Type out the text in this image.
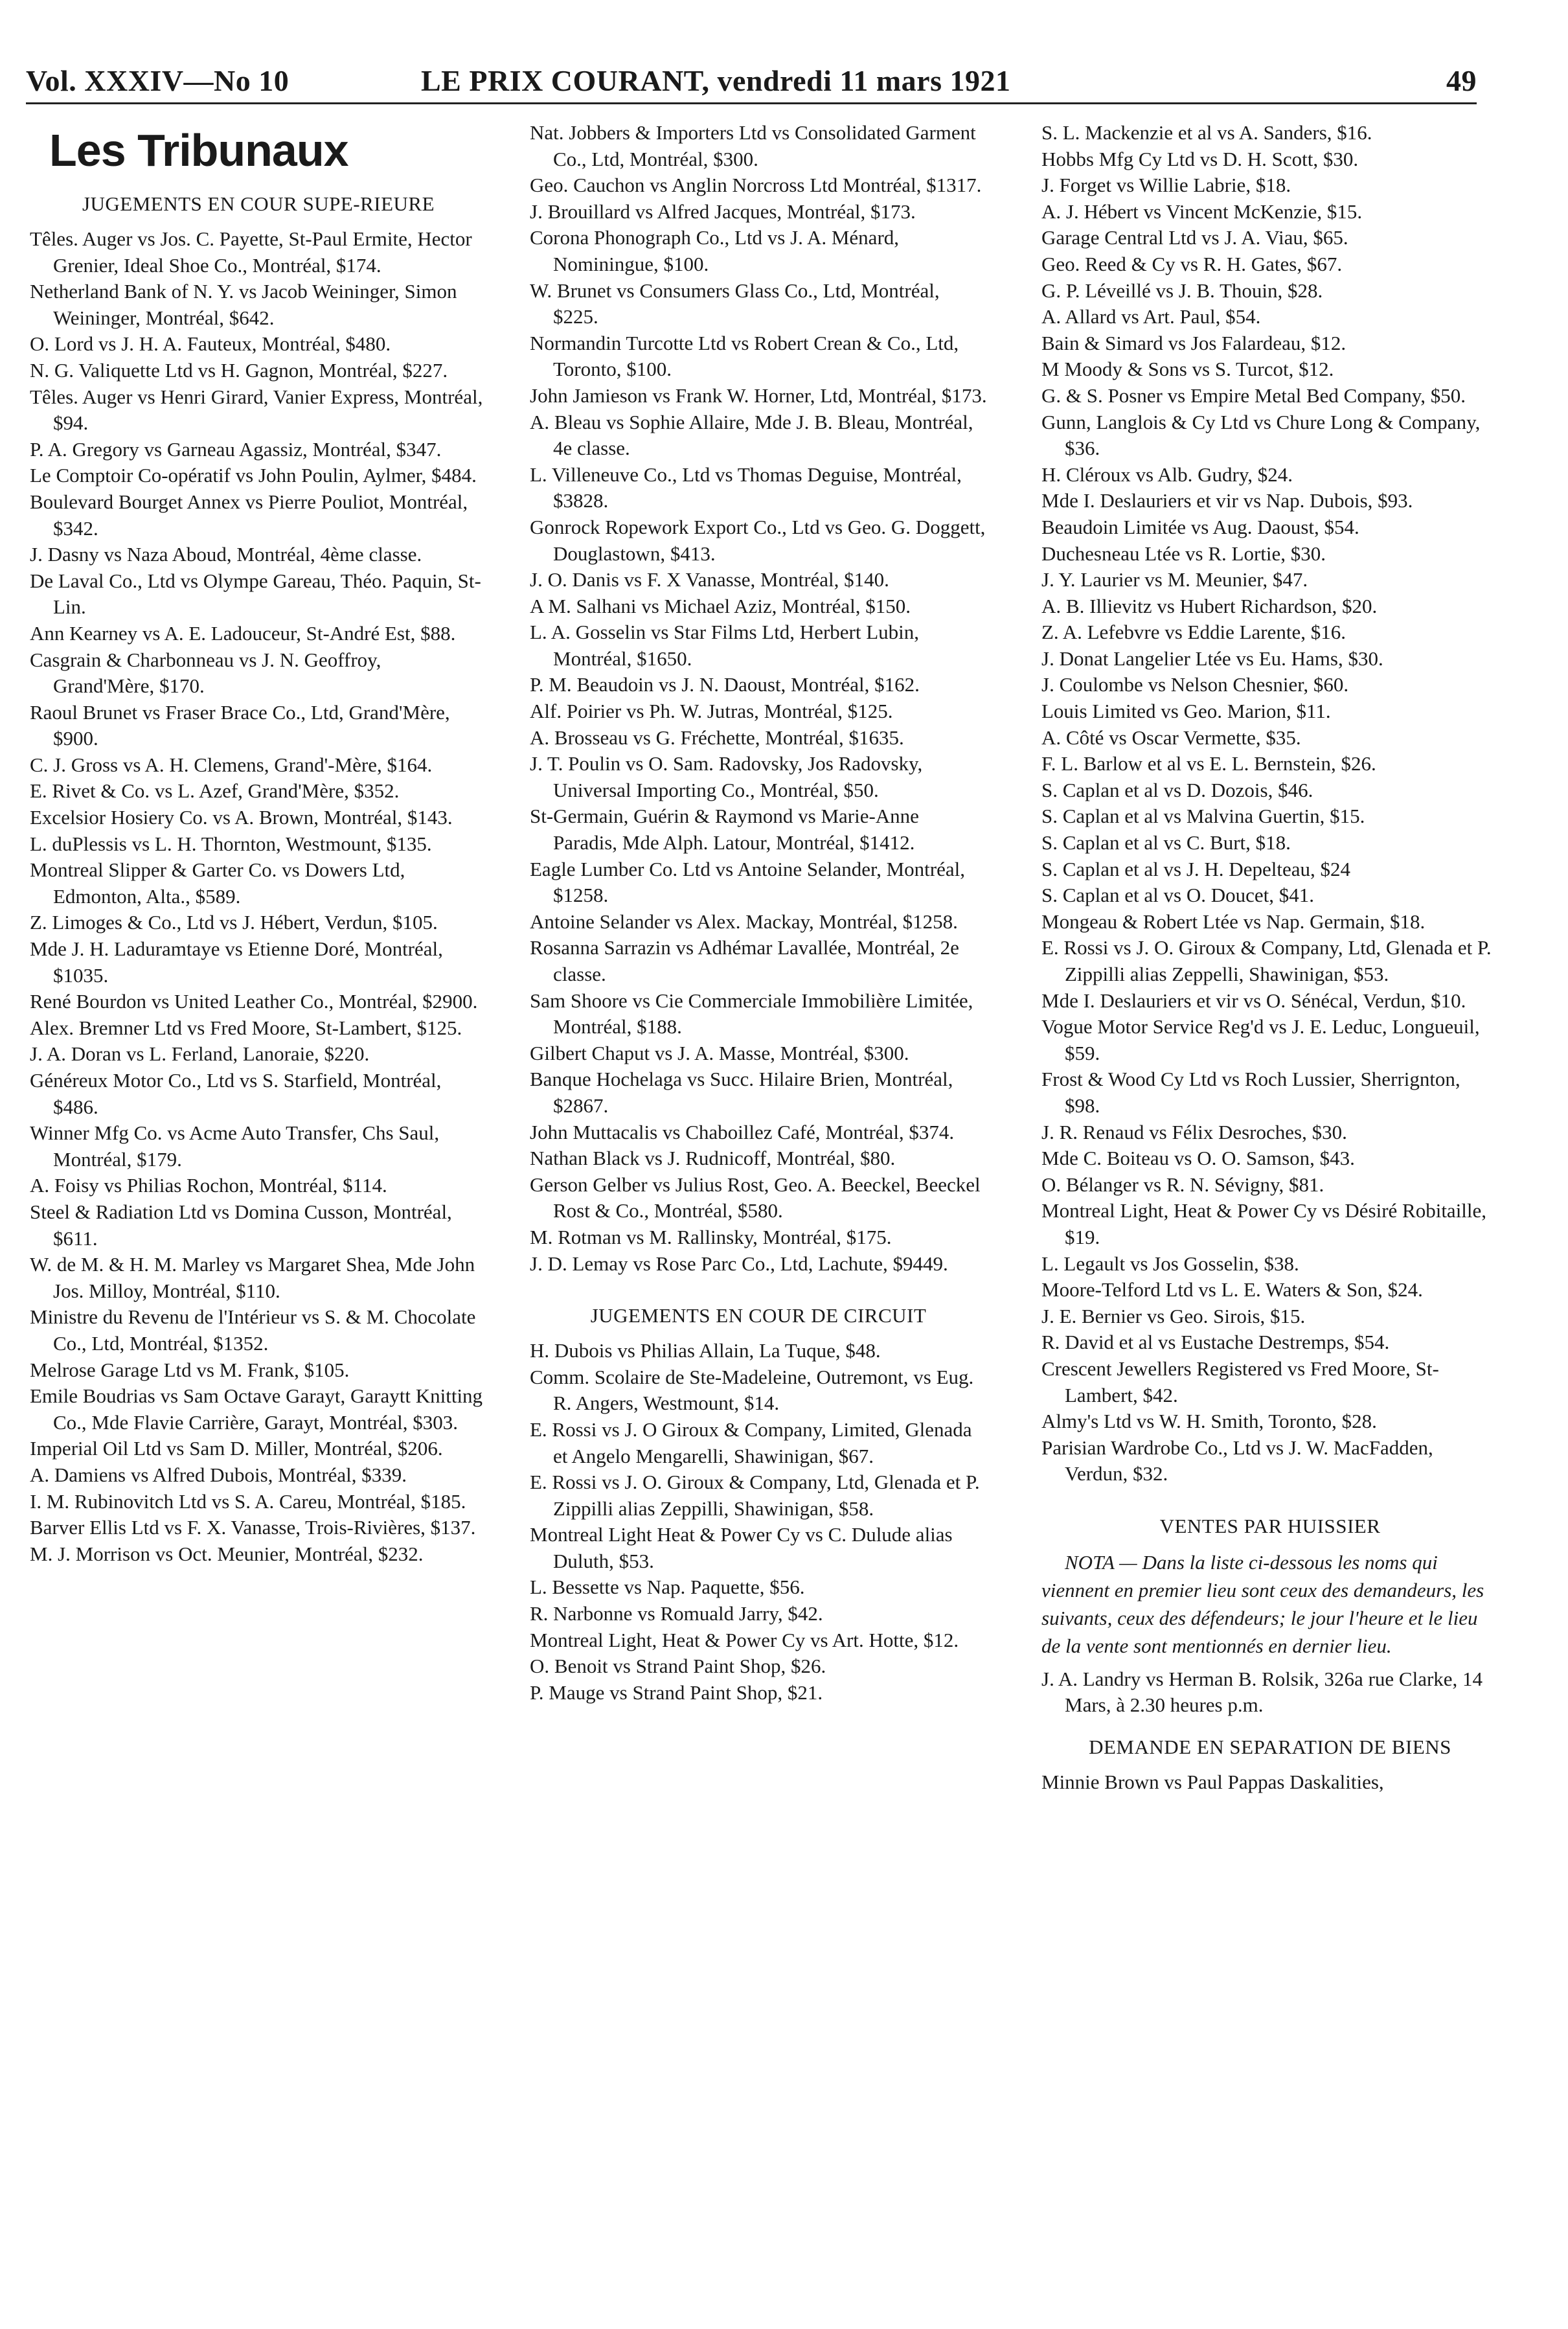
Vol. XXXIV—No 10	LE PRIX COURANT, vendredi 11 mars 1921	49
Les Tribunaux
JUGEMENTS EN COUR SUPE-RIEURE

Têles. Auger vs Jos. C. Payette, St-Paul Ermite, Hector Grenier, Ideal Shoe Co., Montréal, $174.

Netherland Bank of N. Y. vs Jacob Weininger, Simon Weininger, Montréal, $642.

O. Lord vs J. H. A. Fauteux, Montréal, $480.

N. G. Valiquette Ltd vs H. Gagnon, Montréal, $227.

Têles. Auger vs Henri Girard, Vanier Express, Montréal, $94.

P. A. Gregory vs Garneau Agassiz, Montréal, $347.

Le Comptoir Co-opératif vs John Poulin, Aylmer, $484.

Boulevard Bourget Annex vs Pierre Pouliot, Montréal, $342.

J. Dasny vs Naza Aboud, Montréal, 4ème classe.

De Laval Co., Ltd vs Olympe Gareau, Théo. Paquin, St-Lin.

Ann Kearney vs A. E. Ladouceur, St-André Est, $88.

Casgrain & Charbonneau vs J. N. Geoffroy, Grand'Mère, $170.

Raoul Brunet vs Fraser Brace Co., Ltd, Grand'Mère, $900.

C. J. Gross vs A. H. Clemens, Grand'-Mère, $164.

E. Rivet & Co. vs L. Azef, Grand'Mère, $352.

Excelsior Hosiery Co. vs A. Brown, Montréal, $143.

L. duPlessis vs L. H. Thornton, Westmount, $135.

Montreal Slipper & Garter Co. vs Dowers Ltd, Edmonton, Alta., $589.

Z. Limoges & Co., Ltd vs J. Hébert, Verdun, $105.

Mde J. H. Laduramtaye vs Etienne Doré, Montréal, $1035.

René Bourdon vs United Leather Co., Montréal, $2900.

Alex. Bremner Ltd vs Fred Moore, St-Lambert, $125.

J. A. Doran vs L. Ferland, Lanoraie, $220.

Généreux Motor Co., Ltd vs S. Starfield, Montréal, $486.

Winner Mfg Co. vs Acme Auto Transfer, Chs Saul, Montréal, $179.

A. Foisy vs Philias Rochon, Montréal, $114.

Steel & Radiation Ltd vs Domina Cusson, Montréal, $611.

W. de M. & H. M. Marley vs Margaret Shea, Mde John Jos. Milloy, Montréal, $110.

Ministre du Revenu de l'Intérieur vs S. & M. Chocolate Co., Ltd, Montréal, $1352.

Melrose Garage Ltd vs M. Frank, $105.

Emile Boudrias vs Sam Octave Garayt, Garaytt Knitting Co., Mde Flavie Carrière, Garayt, Montréal, $303.

Imperial Oil Ltd vs Sam D. Miller, Montréal, $206.

A. Damiens vs Alfred Dubois, Montréal, $339.

I. M. Rubinovitch Ltd vs S. A. Careu, Montréal, $185.

Barver Ellis Ltd vs F. X. Vanasse, Trois-Rivières, $137.

M. J. Morrison vs Oct. Meunier, Montréal, $232.

Nat. Jobbers & Importers Ltd vs Consolidated Garment Co., Ltd, Montréal, $300.

Geo. Cauchon vs Anglin Norcross Ltd Montréal, $1317.

J. Brouillard vs Alfred Jacques, Montréal, $173.

Corona Phonograph Co., Ltd vs J. A. Ménard, Nominingue, $100.

W. Brunet vs Consumers Glass Co., Ltd, Montréal, $225.

Normandin Turcotte Ltd vs Robert Crean & Co., Ltd, Toronto, $100.

John Jamieson vs Frank W. Horner, Ltd, Montréal, $173.

A. Bleau vs Sophie Allaire, Mde J. B. Bleau, Montréal, 4e classe.

L. Villeneuve Co., Ltd vs Thomas Deguise, Montréal, $3828.

Gonrock Ropework Export Co., Ltd vs Geo. G. Doggett, Douglastown, $413.

J. O. Danis vs F. X Vanasse, Montréal, $140.

A M. Salhani vs Michael Aziz, Montréal, $150.

L. A. Gosselin vs Star Films Ltd, Herbert Lubin, Montréal, $1650.

P. M. Beaudoin vs J. N. Daoust, Montréal, $162.

Alf. Poirier vs Ph. W. Jutras, Montréal, $125.

A. Brosseau vs G. Fréchette, Montréal, $1635.

J. T. Poulin vs O. Sam. Radovsky, Jos Radovsky, Universal Importing Co., Montréal, $50.

St-Germain, Guérin & Raymond vs Marie-Anne Paradis, Mde Alph. Latour, Montréal, $1412.

Eagle Lumber Co. Ltd vs Antoine Selander, Montréal, $1258.

Antoine Selander vs Alex. Mackay, Montréal, $1258.

Rosanna Sarrazin vs Adhémar Lavallée, Montréal, 2e classe.

Sam Shoore vs Cie Commerciale Immobilière Limitée, Montréal, $188.

Gilbert Chaput vs J. A. Masse, Montréal, $300.

Banque Hochelaga vs Succ. Hilaire Brien, Montréal, $2867.

John Muttacalis vs Chaboillez Café, Montréal, $374.

Nathan Black vs J. Rudnicoff, Montréal, $80.

Gerson Gelber vs Julius Rost, Geo. A. Beeckel, Beeckel Rost & Co., Montréal, $580.

M. Rotman vs M. Rallinsky, Montréal, $175.

J. D. Lemay vs Rose Parc Co., Ltd, Lachute, $9449.

JUGEMENTS EN COUR DE CIRCUIT

H. Dubois vs Philias Allain, La Tuque, $48.

Comm. Scolaire de Ste-Madeleine, Outremont, vs Eug. R. Angers, Westmount, $14.

E. Rossi vs J. O Giroux & Company, Limited, Glenada et Angelo Mengarelli, Shawinigan, $67.

E. Rossi vs J. O. Giroux & Company, Ltd, Glenada et P. Zippilli alias Zeppilli, Shawinigan, $58.

Montreal Light Heat & Power Cy vs C. Dulude alias Duluth, $53.

L. Bessette vs Nap. Paquette, $56.

R. Narbonne vs Romuald Jarry, $42.

Montreal Light, Heat & Power Cy vs Art. Hotte, $12.

O. Benoit vs Strand Paint Shop, $26.

P. Mauge vs Strand Paint Shop, $21.

S. L. Mackenzie et al vs A. Sanders, $16.

Hobbs Mfg Cy Ltd vs D. H. Scott, $30.

J. Forget vs Willie Labrie, $18.

A. J. Hébert vs Vincent McKenzie, $15.

Garage Central Ltd vs J. A. Viau, $65.

Geo. Reed & Cy vs R. H. Gates, $67.

G. P. Léveillé vs J. B. Thouin, $28.

A. Allard vs Art. Paul, $54.

Bain & Simard vs Jos Falardeau, $12.

M Moody & Sons vs S. Turcot, $12.

G. & S. Posner vs Empire Metal Bed Company, $50.

Gunn, Langlois & Cy Ltd vs Chure Long & Company, $36.

H. Cléroux vs Alb. Gudry, $24.

Mde I. Deslauriers et vir vs Nap. Dubois, $93.

Beaudoin Limitée vs Aug. Daoust, $54.

Duchesneau Ltée vs R. Lortie, $30.

J. Y. Laurier vs M. Meunier, $47.

A. B. Illievitz vs Hubert Richardson, $20.

Z. A. Lefebvre vs Eddie Larente, $16.

J. Donat Langelier Ltée vs Eu. Hams, $30.

J. Coulombe vs Nelson Chesnier, $60.

Louis Limited vs Geo. Marion, $11.

A. Côté vs Oscar Vermette, $35.

F. L. Barlow et al vs E. L. Bernstein, $26.

S. Caplan et al vs D. Dozois, $46.

S. Caplan et al vs Malvina Guertin, $15.

S. Caplan et al vs C. Burt, $18.

S. Caplan et al vs J. H. Depelteau, $24

S. Caplan et al vs O. Doucet, $41.

Mongeau & Robert Ltée vs Nap. Germain, $18.

E. Rossi vs J. O. Giroux & Company, Ltd, Glenada et P. Zippilli alias Zeppelli, Shawinigan, $53.

Mde I. Deslauriers et vir vs O. Sénécal, Verdun, $10.

Vogue Motor Service Reg'd vs J. E. Leduc, Longueuil, $59.

Frost & Wood Cy Ltd vs Roch Lussier, Sherrignton, $98.

J. R. Renaud vs Félix Desroches, $30.

Mde C. Boiteau vs O. O. Samson, $43.

O. Bélanger vs R. N. Sévigny, $81.

Montreal Light, Heat & Power Cy vs Désiré Robitaille, $19.

L. Legault vs Jos Gosselin, $38.

Moore-Telford Ltd vs L. E. Waters & Son, $24.

J. E. Bernier vs Geo. Sirois, $15.

R. David et al vs Eustache Destremps, $54.

Crescent Jewellers Registered vs Fred Moore, St-Lambert, $42.

Almy's Ltd vs W. H. Smith, Toronto, $28.

Parisian Wardrobe Co., Ltd vs J. W. MacFadden, Verdun, $32.

VENTES PAR HUISSIER

NOTA — Dans la liste ci-dessous les noms qui viennent en premier lieu sont ceux des demandeurs, les suivants, ceux des défendeurs; le jour l'heure et le lieu de la vente sont mentionnés en dernier lieu.

J. A. Landry vs Herman B. Rolsik, 326a rue Clarke, 14 Mars, à 2.30 heures p.m.

DEMANDE EN SEPARATION DE BIENS

Minnie Brown vs Paul Pappas Daskalities,
